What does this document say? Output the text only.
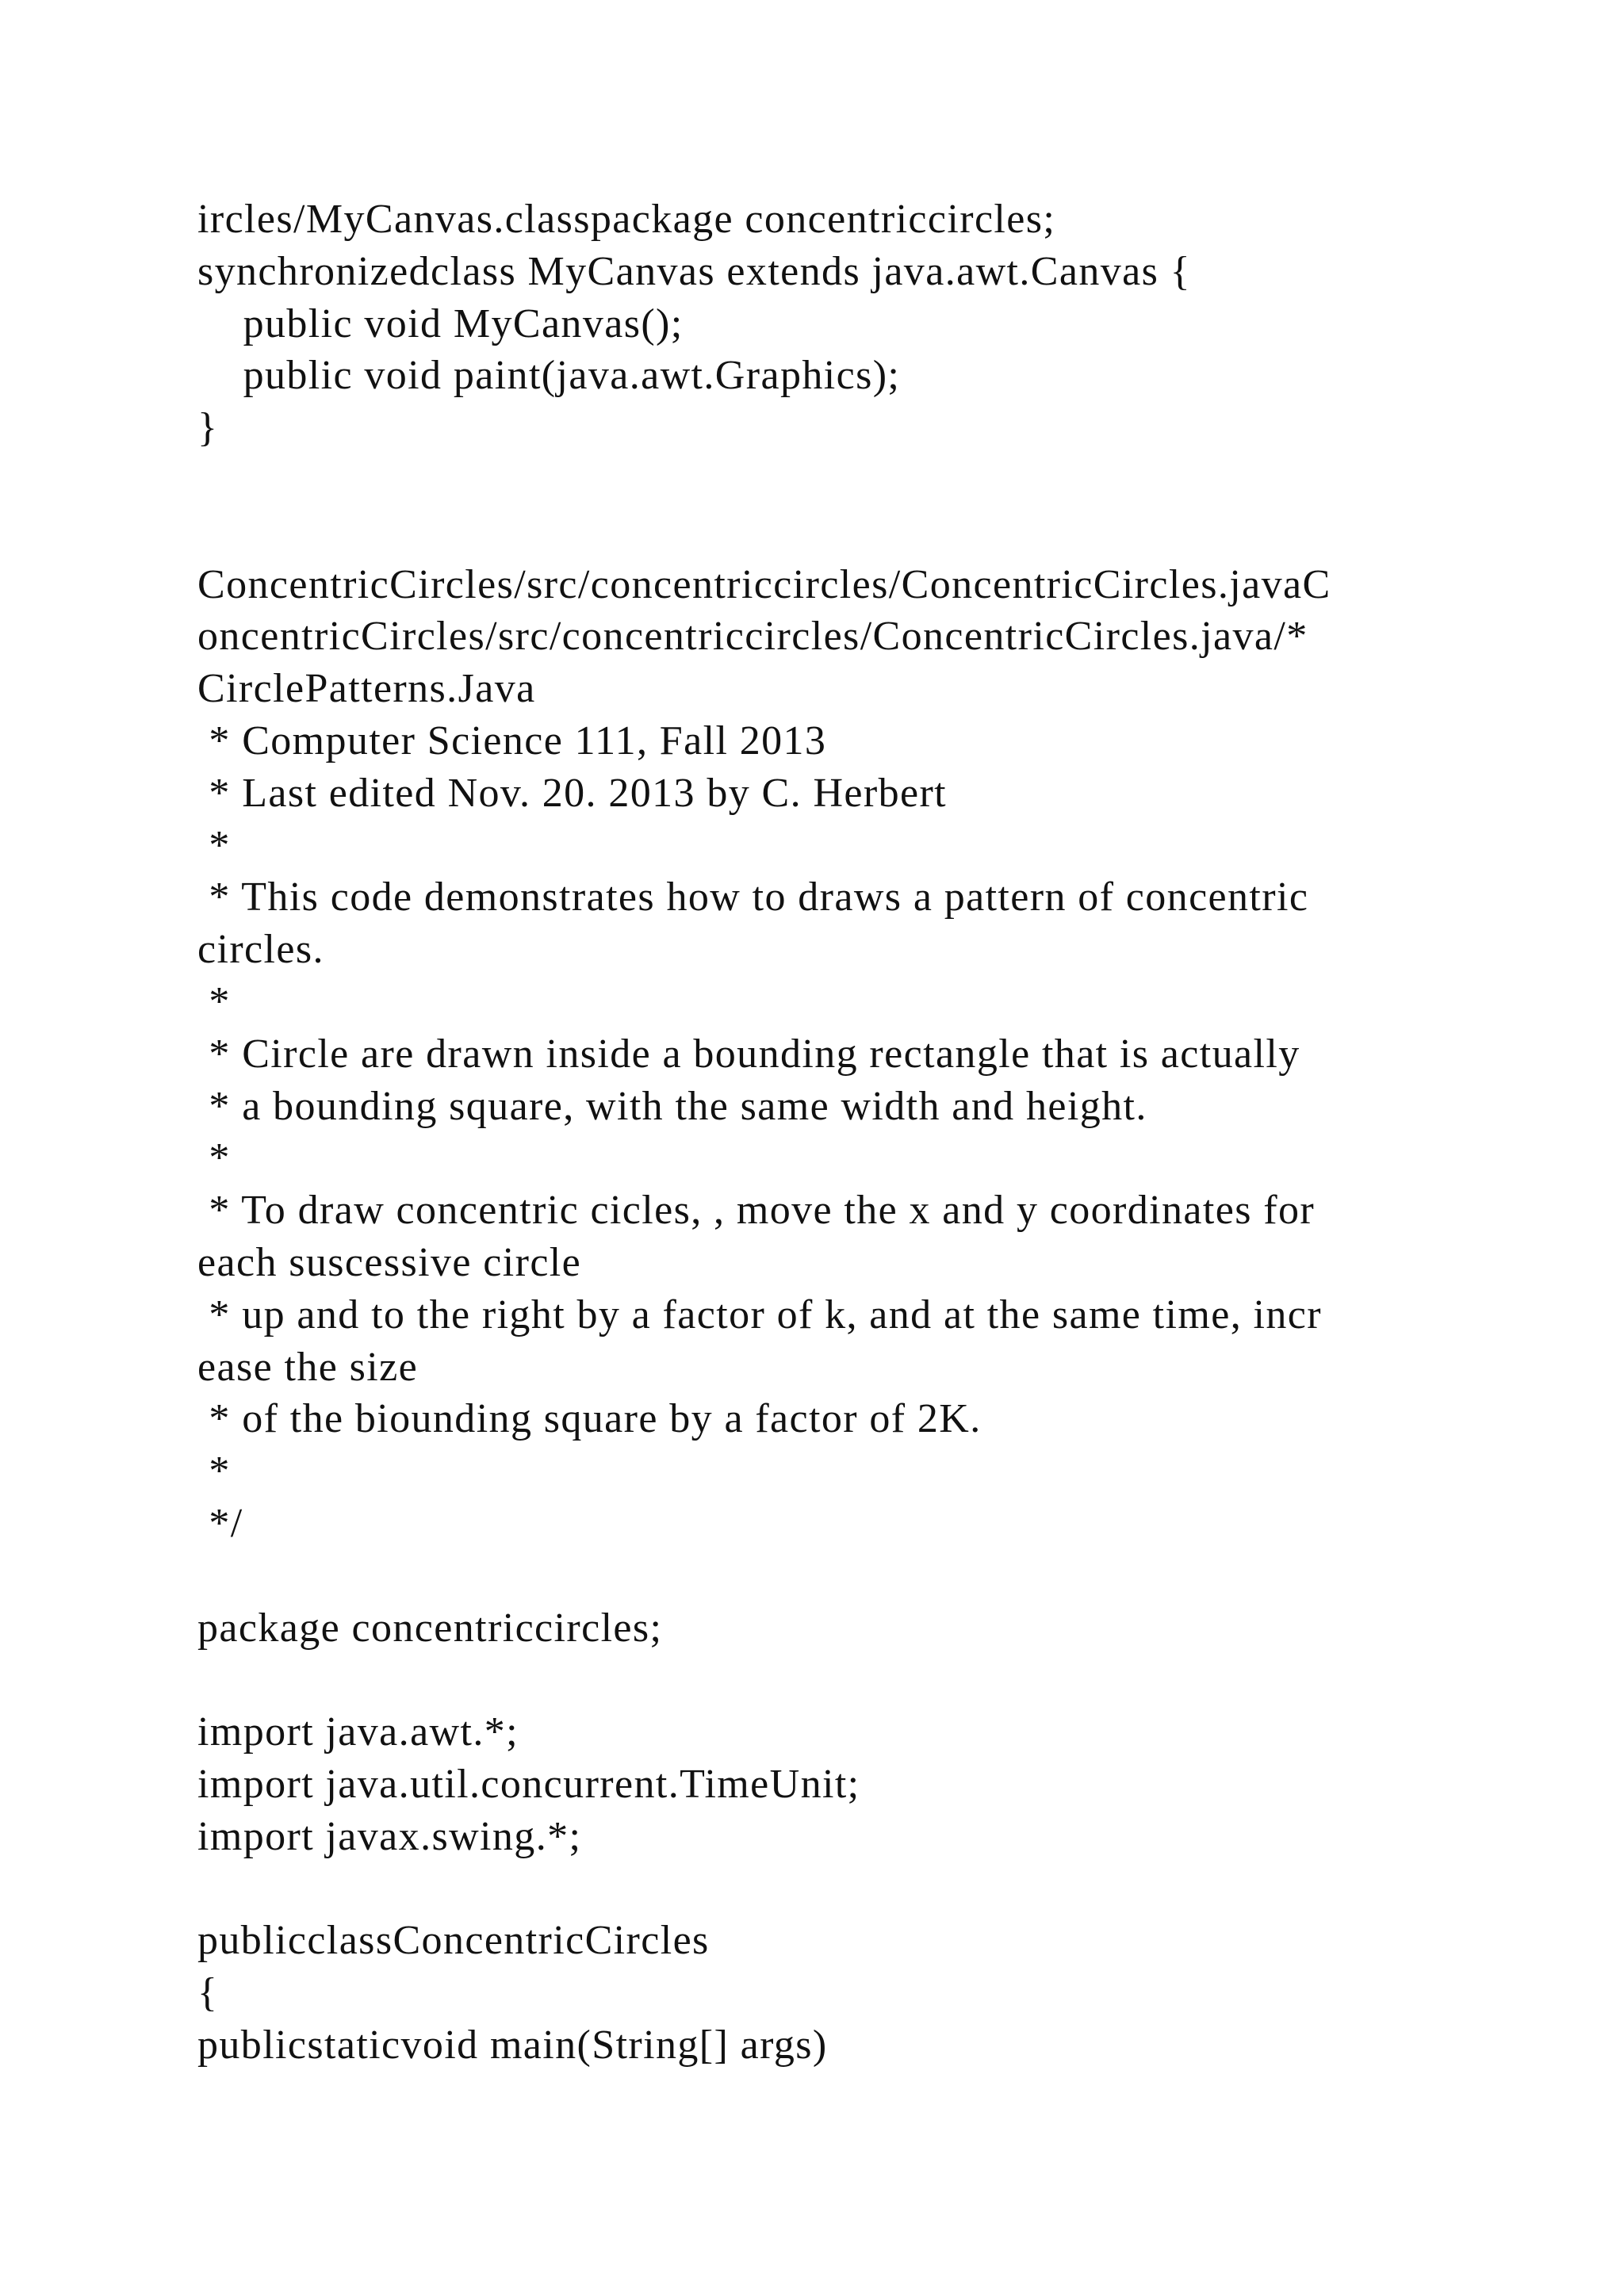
ircles/MyCanvas.classpackage concentriccircles;
synchronizedclass MyCanvas extends java.awt.Canvas {
public void MyCanvas();
public void paint(java.awt.Graphics);
}
ConcentricCircles/src/concentriccircles/ConcentricCircles.javaC
oncentricCircles/src/concentriccircles/ConcentricCircles.java/*
CirclePatterns.Java
* Computer Science 111, Fall 2013
* Last edited Nov. 20. 2013 by C. Herbert
*
* This code demonstrates how to draws a pattern of concentric
circles.
*
* Circle are drawn inside a bounding rectangle that is actually
* a bounding square, with the same width and height.
*
* To draw concentric cicles, , move the x and y coordinates for
each suscessive circle
* up and to the right by a factor of k, and at the same time, incr
ease the size
* of the biounding square by a factor of 2K.
*
*/
package concentriccircles;
import java.awt.*;
import java.util.concurrent.TimeUnit;
import javax.swing.*;
publicclassConcentricCircles
{
publicstaticvoid main(String[] args)
